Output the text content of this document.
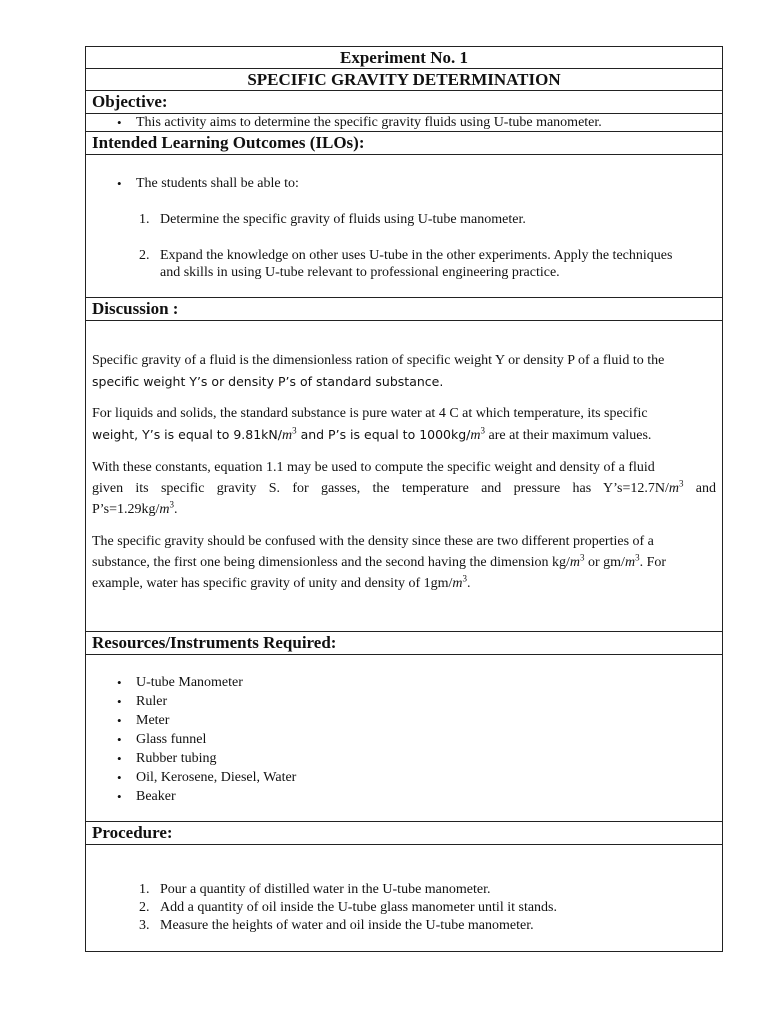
Experiment No. 1
SPECIFIC GRAVITY DETERMINATION
Objective:

• This activity aims to determine the specific gravity fluids using U-tube manometer.

Intended Learning Outcomes (ILOs):

• The students shall be able to:
1. Determine the specific gravity of fluids using U-tube manometer.
2. Expand the knowledge on other uses U-tube in the other experiments. Apply the techniques
and skills in using U-tube relevant to professional engineering practice.

Discussion :

Specific gravity of a fluid is the dimensionless ration of specific weight Y or density P of a fluid to the
specific weight Y’s or density P’s of standard substance.
For liquids and solids, the standard substance is pure water at 4 C at which temperature, its specific
weight, Y’s is equal to $9.81kN/m^3$ and P’s is equal to $1000kg/m^3$ are at their maximum values.
With these constants, equation 1.1 may be used to compute the specific weight and density of a fluid
given its specific gravity S. for gasses, the temperature and pressure has $Y’s=12.7N/m^3$ and
$P’s=1.29kg/m^3$.
The specific gravity should be confused with the density since these are two different properties of a
substance, the first one being dimensionless and the second having the dimension $kg/m^3$ or $gm/m^3$. For
example, water has specific gravity of unity and density of $1gm/m^3$.

Resources/Instruments Required:

• U-tube Manometer
• Ruler
• Meter
• Glass funnel
• Rubber tubing
• Oil, Kerosene, Diesel, Water
• Beaker

Procedure:

1. Pour a quantity of distilled water in the U-tube manometer.
2. Add a quantity of oil inside the U-tube glass manometer until it stands.
3. Measure the heights of water and oil inside the U-tube manometer.
